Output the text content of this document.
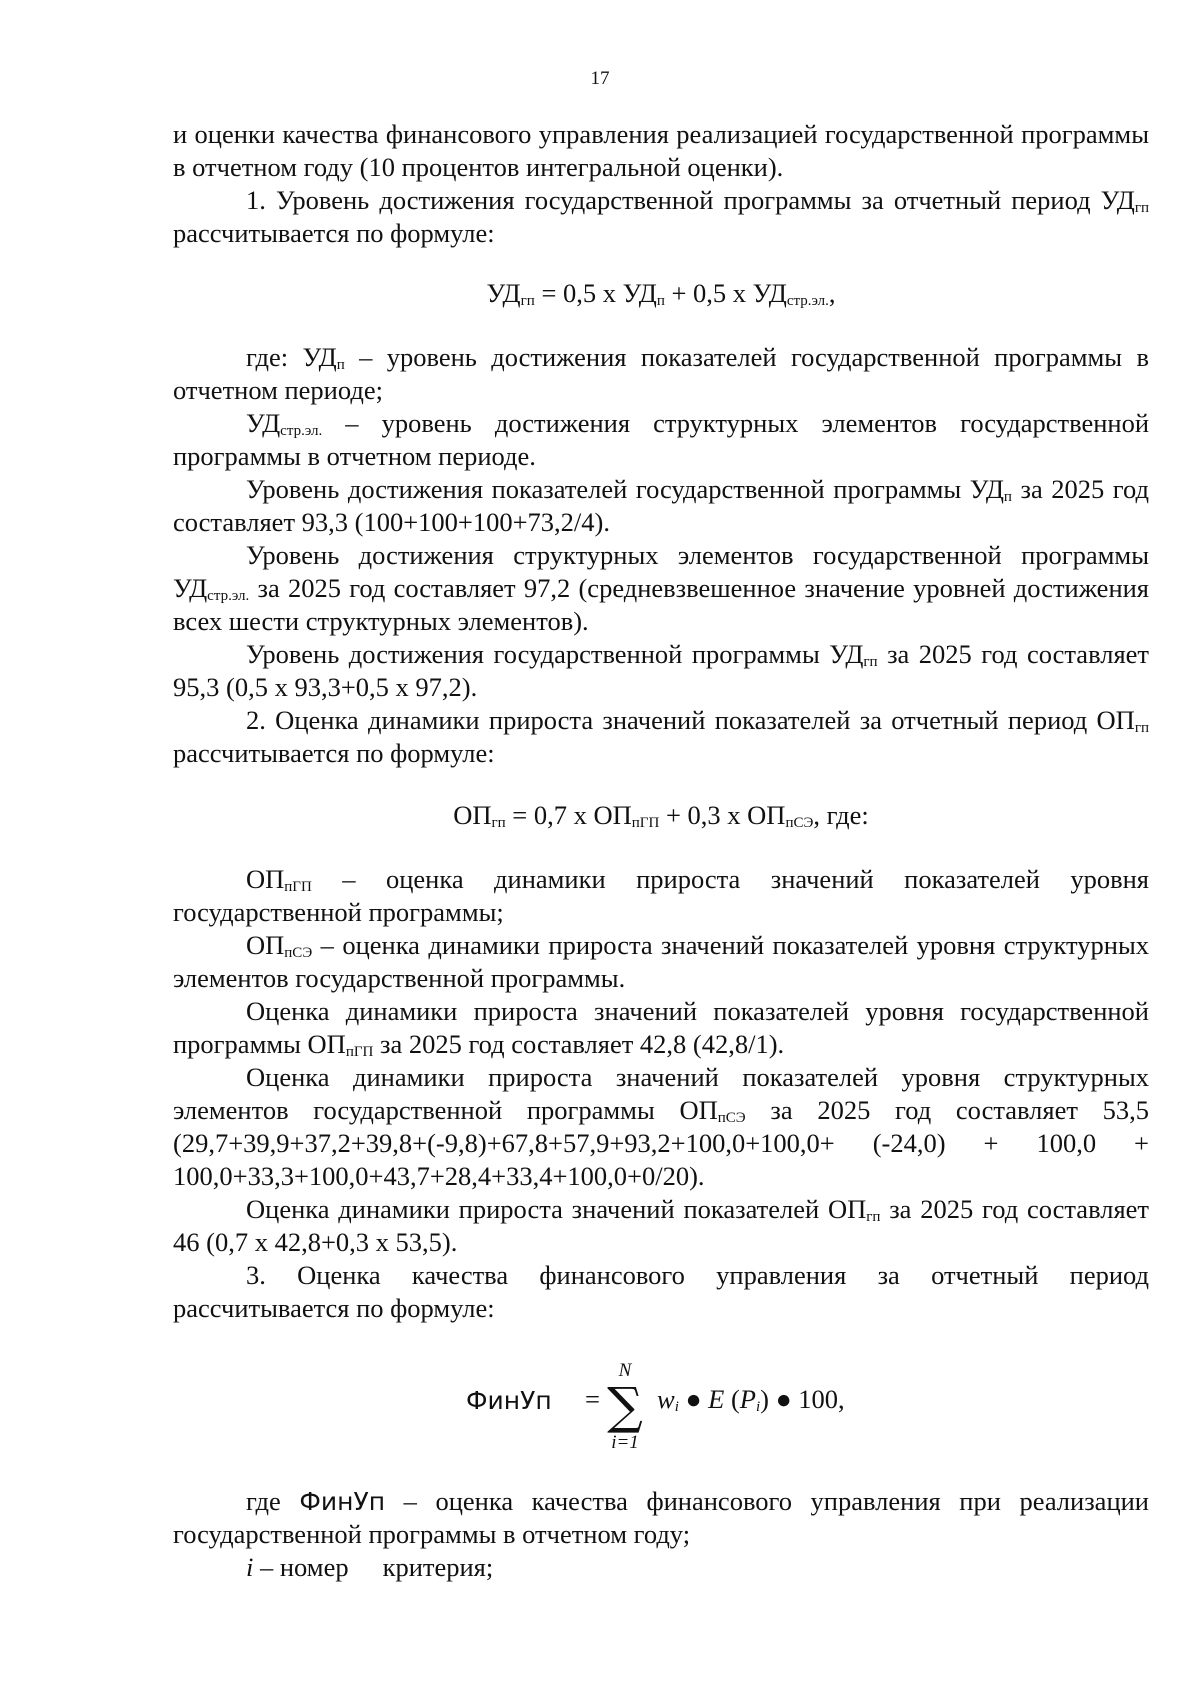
17

и оценки качества финансового управления реализацией государственной программы в отчетном году (10 процентов интегральной оценки).

1. Уровень достижения государственной программы за отчетный период $УД_{гп}$ рассчитывается по формуле:

$УД_{гп} = 0,5$ х $УД_п + 0,5$ х $УД_{стр.эл.}$,

где: $УД_п$ – уровень достижения показателей государственной программы в отчетном периоде;

$УД_{стр.эл.}$ – уровень достижения структурных элементов государственной программы в отчетном периоде.

Уровень достижения показателей государственной программы $УД_п$ за 2025 год составляет 93,3 (100+100+100+73,2/4).

Уровень достижения структурных элементов государственной программы $УД_{стр.эл.}$ за 2025 год составляет 97,2 (средневзвешенное значение уровней достижения всех шести структурных элементов).

Уровень достижения государственной программы $УД_{гп}$ за 2025 год составляет 95,3 (0,5 х 93,3+0,5 х 97,2).

2. Оценка динамики прироста значений показателей за отчетный период $ОП_{гп}$ рассчитывается по формуле:

$ОП_{гп} = 0,7$ х $ОП_{пГП} + 0,3$ х $ОП_{пСЭ}$, где:

$ОП_{пГП}$ – оценка динамики прироста значений показателей уровня государственной программы;

$ОП_{пСЭ}$ – оценка динамики прироста значений показателей уровня структурных элементов государственной программы.

Оценка динамики прироста значений показателей уровня государственной программы $ОП_{пГП}$ за 2025 год составляет 42,8 (42,8/1).

Оценка динамики прироста значений показателей уровня структурных элементов государственной программы $ОП_{пСЭ}$ за 2025 год составляет 53,5 (29,7+39,9+37,2+39,8+(-9,8)+67,8+57,9+93,2+100,0+100,0+ (-24,0) + 100,0 + 100,0+33,3+100,0+43,7+28,4+33,4+100,0+0/20).

Оценка динамики прироста значений показателей $ОП_{гп}$ за 2025 год составляет 46 (0,7 х 42,8+0,3 х 53,5).

3. Оценка качества финансового управления за отчетный период рассчитывается по формуле:

ФинУп =
N
∑
i=1
$w_i$ ● E $(P_i)$ ● 100,

где ФинУп – оценка качества финансового управления при реализации государственной программы в отчетном году;

i – номер критерия;
